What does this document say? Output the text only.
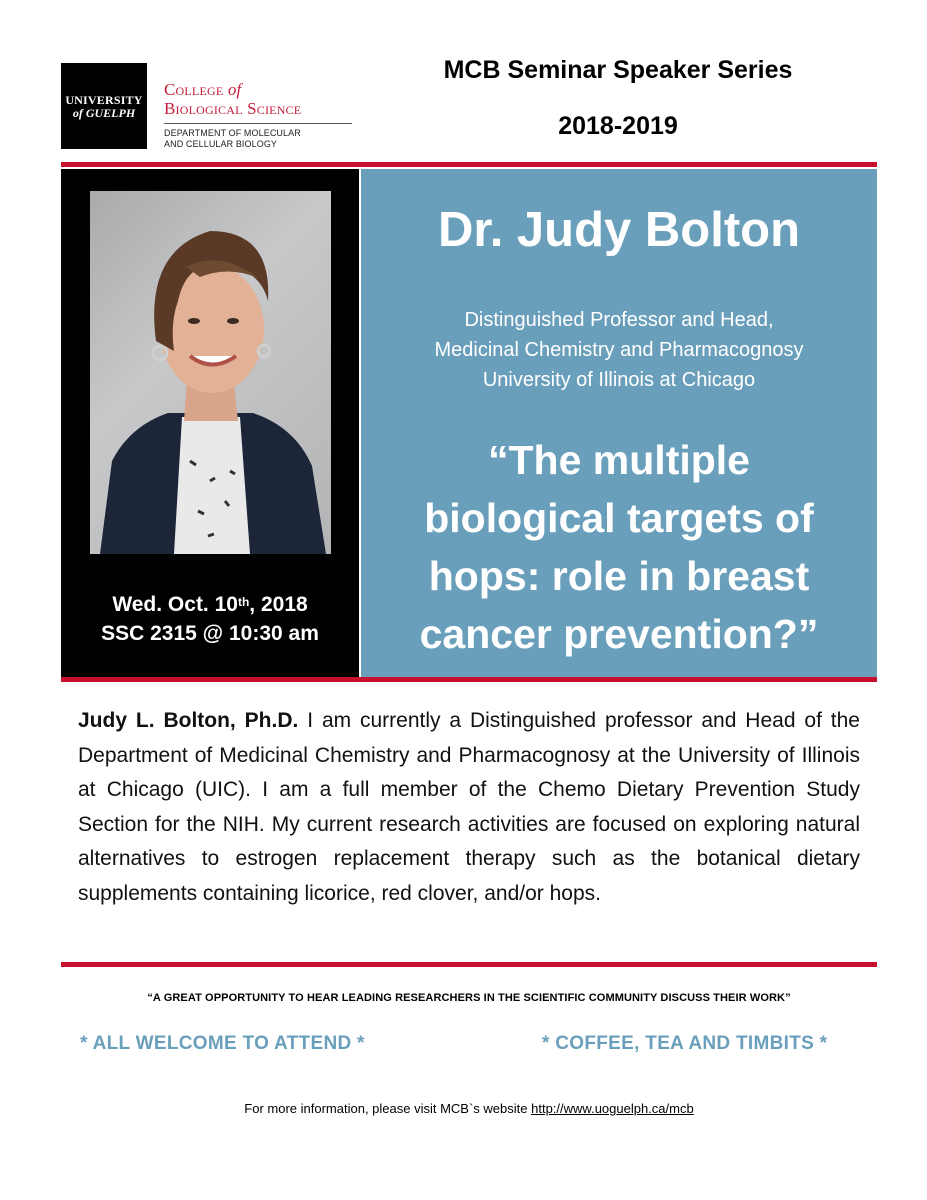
UNIVERSITY
of GUELPH
College of
Biological Science
DEPARTMENT OF MOLECULAR
AND CELLULAR BIOLOGY
MCB Seminar Speaker Series
2018-2019
Wed. Oct. 10th, 2018
SSC 2315 @ 10:30 am
Dr. Judy Bolton
Distinguished Professor and Head,
Medicinal Chemistry and Pharmacognosy
University of Illinois at Chicago
“The multiple
biological targets of
hops: role in breast
cancer prevention?”
Judy L. Bolton, Ph.D. I am currently a Distinguished professor and Head of the Department of Medicinal Chemistry and Pharmacognosy at the University of Illinois at Chicago (UIC). I am a full member of the Chemo Dietary Prevention Study Section for the NIH. My current research activities are focused on exploring natural alternatives to estrogen replacement therapy such as the botanical dietary supplements containing licorice, red clover, and/or hops.
“A GREAT OPPORTUNITY TO HEAR LEADING RESEARCHERS IN THE SCIENTIFIC COMMUNITY DISCUSS THEIR WORK”
* ALL WELCOME TO ATTEND *	* COFFEE, TEA AND TIMBITS *
For more information, please visit MCB`s website http://www.uoguelph.ca/mcb
